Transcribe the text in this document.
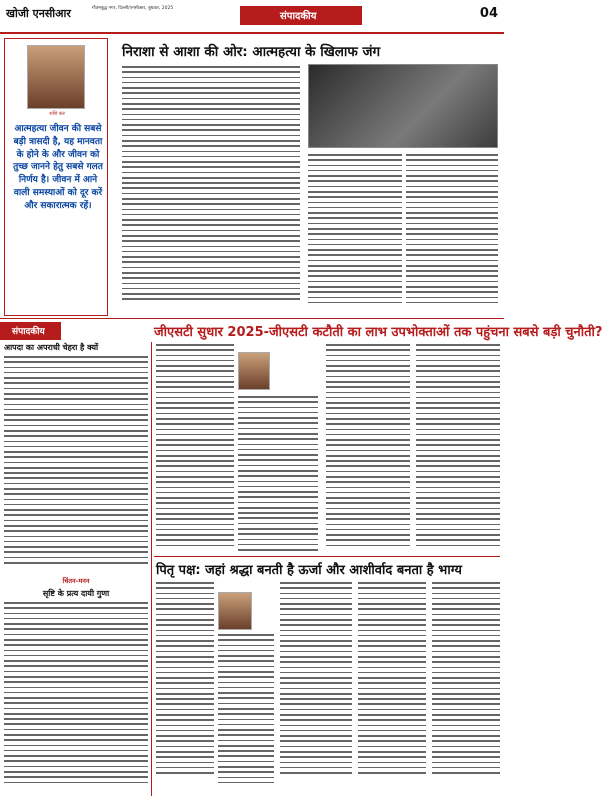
खोजी एनसीआर	गौतमबुद्ध नगर, दिल्ली/एनसीआर, बुधवार, 2025
संपादकीय	04
शशि कर
आत्महत्या जीवन की सबसे बड़ी त्रासदी है, यह मानवता के होने के और जीवन को तुच्छ जानने हेतु सबसे गलत निर्णय है। जीवन में आने वाली समस्याओं को दूर करें और सकारात्मक रहें।
निराशा से आशा की ओर: आत्महत्या के खिलाफ जंग
संपादकीय	जीएसटी सुधार 2025-जीएसटी कटौती का लाभ उपभोक्ताओं तक पहुंचना सबसे बड़ी चुनौती?
आपदा का अपराधी चेहरा है क्यों
चिंतन-मनन
सृष्टि के प्रत्य दायी गुणा
पितृ पक्ष: जहां श्रद्धा बनती है ऊर्जा और आशीर्वाद बनता है भाग्य
